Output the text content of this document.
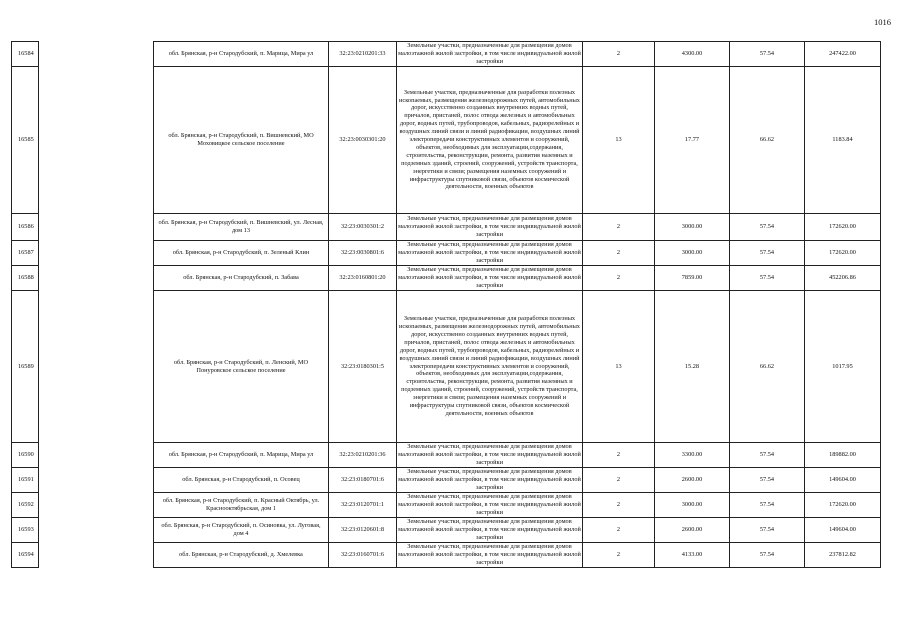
1016
16584		обл. Брянская, р-н Стародубский, п. Марица, Мира ул	32:23:0210201:33	Земельные участки, предназначенные для размещения домов малоэтажной жилой застройки, в том числе индивидуальной жилой застройки	2	4300.00	57.54	247422.00
16585		обл. Брянская, р-н Стародубский, п. Вишневский, МО Моховицкое сельское поселение	32:23:0030301:20	Земельные участки, предназначенные для разработки полезных ископаемых, размещения железнодорожных путей, автомобильных дорог, искусственно созданных внутренних водных путей, причалов, пристаней, полос отвода железных и автомобильных дорог, водных путей, трубопроводов, кабельных, радиорелейных и воздушных линий связи и линий радиофикации, воздушных линий электропередачи конструктивных элементов и сооружений, объектов, необходимых для эксплуатации,содержания, строительства, реконструкции, ремонта, развития наземных и подземных зданий, строений, сооружений, устройств транспорта, энергетики и связи; размещения наземных сооружений и инфраструктуры спутниковой связи, объектов космической деятельности, военных объектов	13	17.77	66.62	1183.84
16586		обл. Брянская, р-н Стародубский, п. Вишневский, ул. Лесная, дом 13	32:23:0030301:2	Земельные участки, предназначенные для размещения домов малоэтажной жилой застройки, в том числе индивидуальной жилой застройки	2	3000.00	57.54	172620.00
16587		обл. Брянская, р-н Стародубский, п. Зеленый Клин	32:23:0030801:6	Земельные участки, предназначенные для размещения домов малоэтажной жилой застройки, в том числе индивидуальной жилой застройки	2	3000.00	57.54	172620.00
16588		обл. Брянская, р-н Стародубский, п. Забава	32:23:0160801:20	Земельные участки, предназначенные для размещения домов малоэтажной жилой застройки, в том числе индивидуальной жилой застройки	2	7859.00	57.54	452206.86
16589		обл. Брянская, р-н Стародубский, п. Ленский, МО Понуровское сельское поселение	32:23:0180301:5	Земельные участки, предназначенные для разработки полезных ископаемых, размещения железнодорожных путей, автомобильных дорог, искусственно созданных внутренних водных путей, причалов, пристаней, полос отвода железных и автомобильных дорог, водных путей, трубопроводов, кабельных, радиорелейных и воздушных линий связи и линий радиофикации, воздушных линий электропередачи конструктивных элементов и сооружений, объектов, необходимых для эксплуатации,содержания, строительства, реконструкции, ремонта, развития наземных и подземных зданий, строений, сооружений, устройств транспорта, энергетики и связи; размещения наземных сооружений и инфраструктуры спутниковой связи, объектов космической деятельности, военных объектов	13	15.28	66.62	1017.95
16590		обл. Брянская, р-н Стародубский, п. Марица, Мира ул	32:23:0210201:36	Земельные участки, предназначенные для размещения домов малоэтажной жилой застройки, в том числе индивидуальной жилой застройки	2	3300.00	57.54	189882.00
16591		обл. Брянская, р-н Стародубский, п. Осовец	32:23:0180701:6	Земельные участки, предназначенные для размещения домов малоэтажной жилой застройки, в том числе индивидуальной жилой застройки	2	2600.00	57.54	149604.00
16592		обл. Брянская, р-н Стародубский, п. Красный Октябрь, ул. Краснооктябрьская, дом 1	32:23:0120701:1	Земельные участки, предназначенные для размещения домов малоэтажной жилой застройки, в том числе индивидуальной жилой застройки	2	3000.00	57.54	172620.00
16593		обл. Брянская, р-н Стародубский, п. Осиновка, ул. Луговая, дом 4	32:23:0120601:8	Земельные участки, предназначенные для размещения домов малоэтажной жилой застройки, в том числе индивидуальной жилой застройки	2	2600.00	57.54	149604.00
16594		обл. Брянская, р-н Стародубский, д. Хмелевка	32:23:0160701:6	Земельные участки, предназначенные для размещения домов малоэтажной жилой застройки, в том числе индивидуальной жилой застройки	2	4133.00	57.54	237812.82
